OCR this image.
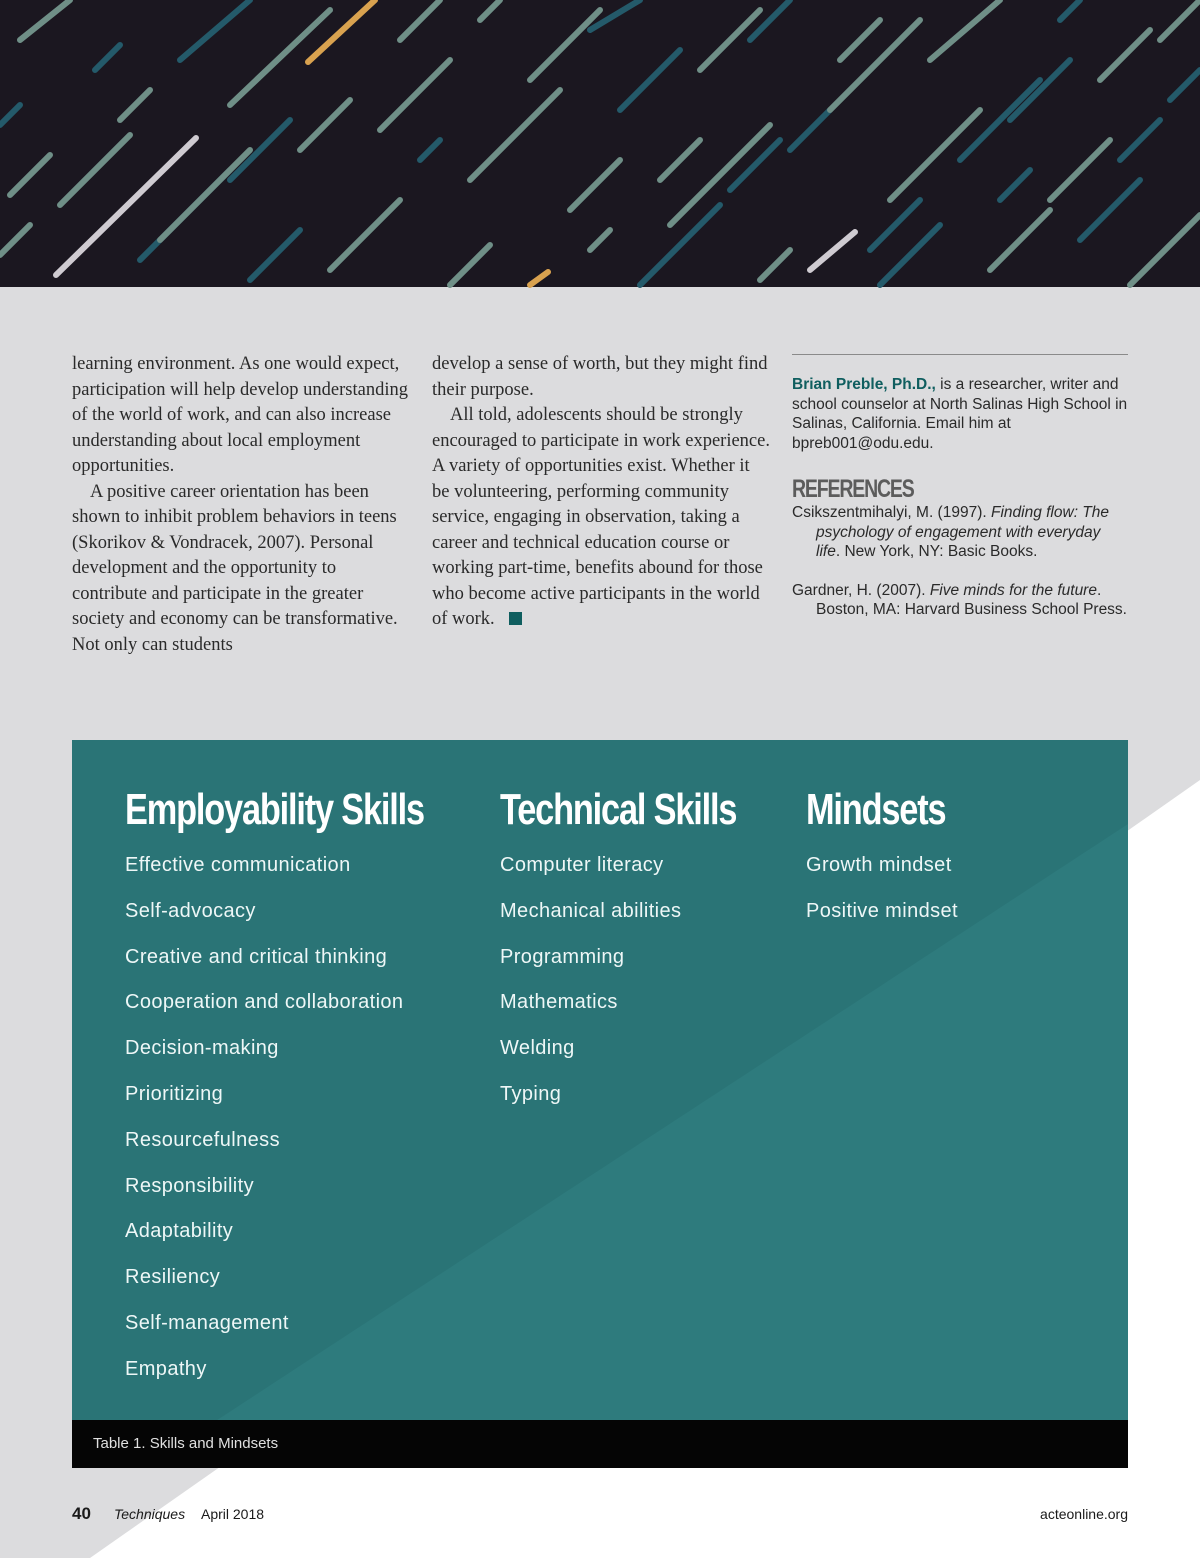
learning environment. As one would expect, participation will help develop understanding of the world of work, and can also increase understanding about local employment opportunities.

A positive career orientation has been shown to inhibit problem behaviors in teens (Skorikov & Vondracek, 2007). Personal development and the opportunity to contribute and participate in the greater society and economy can be transformative. Not only can students

develop a sense of worth, but they might find their purpose.

All told, adolescents should be strongly encouraged to participate in work experience. A variety of opportunities exist. Whether it be volunteering, performing community service, engaging in observation, taking a career and technical education course or working part-time, benefits abound for those who become active participants in the world of work.

Brian Preble, Ph.D., is a researcher, writer and school counselor at North Salinas High School in Salinas, California. Email him at bpreb001@odu.edu.

REFERENCES

Csikszentmihalyi, M. (1997). Finding flow: The psychology of engagement with everyday life. New York, NY: Basic Books.

Gardner, H. (2007). Five minds for the future. Boston, MA: Harvard Business School Press.

Employability Skills
Effective communication
Self-advocacy
Creative and critical thinking
Cooperation and collaboration
Decision-making
Prioritizing
Resourcefulness
Responsibility
Adaptability
Resiliency
Self-management
Empathy
Technical Skills
Computer literacy
Mechanical abilities
Programming
Mathematics
Welding
Typing
Mindsets
Growth mindset
Positive mindset
Table 1. Skills and Mindsets
40 Techniques April 2018	acteonline.org
